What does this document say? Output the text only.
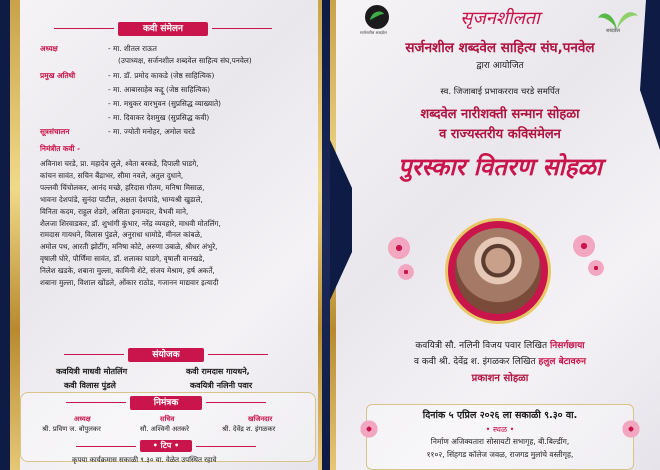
कवी संमेलन
अध्यक्ष	- मा. शीतल राऊत
(उपाध्यक्ष, सर्जनशील शब्दवेल साहित्य संघ,पनवेल)
प्रमुख अतिथी	- मा. डॉ. प्रमोद काकडे (जेष्ठ साहित्यिक)
- मा. आबासाहेब कद्दू (जेष्ठ साहित्यिक)
- मा. मधुकर वारभुवन (सुप्रसिद्ध व्याख्याते)
- मा. दिवाकर देशमुख (सुप्रसिद्ध कवी)
सूत्रसंचालन	- मा. ज्योती मनोहर, अमोल चरडे
निमंत्रीत कवी -
अविनाश चरडे, प्रा. महादेव लुले, श्वेता बरकडे, दिपाली घाडगे,
कांचन सावंत, सचिन बैंद्राभर, सीमा नवले, अतुल दुधाने,
पल्लवी चिंचोलकर, आनंद मच्छे, हरिदास गौतम, मनिषा मिसाळ,
भावना देशपांडे, सुनंदा पाटील, अक्षता देशपांडे, भाग्यश्री खुडाले,
विनिता कदम, राहुल शेडगे, असिता इनामदार, वैभवी माने,
शैलजा शिरवाडकर, डॉ. शुभांगी कुंभार, नरेंद्र व्यवहारे, माधवी मोतलिंग,
रामदास गायधने, विलास पुंडले, अनुराधा धामोडे, मीनल कांबळे,
अमोल पथ, आरती झोटींग, मनिषा कोटे, अरुणा उबाळे, श्रीधर अंभुरे,
वृषाली घोरे, पौर्णिमा सावंत, डॉ. शलाका घाडगे, वृषाली वानखडे,
निलेश खडके, शबाना मुल्ला, कामिनी शेटे, संजय मेश्राम, हर्ष अकर्ते,
शबाना मुल्ला, विशाल खोंडले, ओंकार राठोड, गजानन माद्यवार इत्यादी
संयोजक
कवयित्री माधवी मोतलिंग	कवी रामदास गायधने,
कवी विलास पुंडले	कवयित्री नलिनी पवार
निमंत्रक
अध्यक्ष
श्री. प्रविण ज. बोपुलकर
सचिव
सौ. अश्विनी अतकरे
खजिनदार
श्री. देवेंद्र श. इंगळकर
• टिप •
कृपया कार्यक्रमास सकाळी ९.३० वा. वेळेत उपस्थित रहावे
सर्जनशील शब्दवेल
सृजनशीलता
शब्दवेल
सर्जनशील शब्दवेल साहित्य संघ,पनवेल
द्वारा आयोजित
स्व. जिजाबाई प्रभाकरराव चरडे समर्पित
शब्दवेल नारीशक्ती सन्मान सोहळा
व राज्यस्तरीय कविसंमेलन
पुरस्कार वितरण सोहळा
कवयित्री सौ. नलिनी विजय पवार लिखित निसर्गछाया
व कवी श्री. देवेंद्र श. इंगळकर लिखित हलुल बेटावरुन
प्रकाशन सोहळा
दिनांक ५ एप्रिल २०२६ ला सकाळी ९.३० वा.
• स्थळ •
निर्माण अजिक्यतारा सोसायटी सभागृह, बी.बिल्डींग,
११०२, सिंहगड कॉलेज जवळ, राजगड मुलांचे वस्तीगृह,
